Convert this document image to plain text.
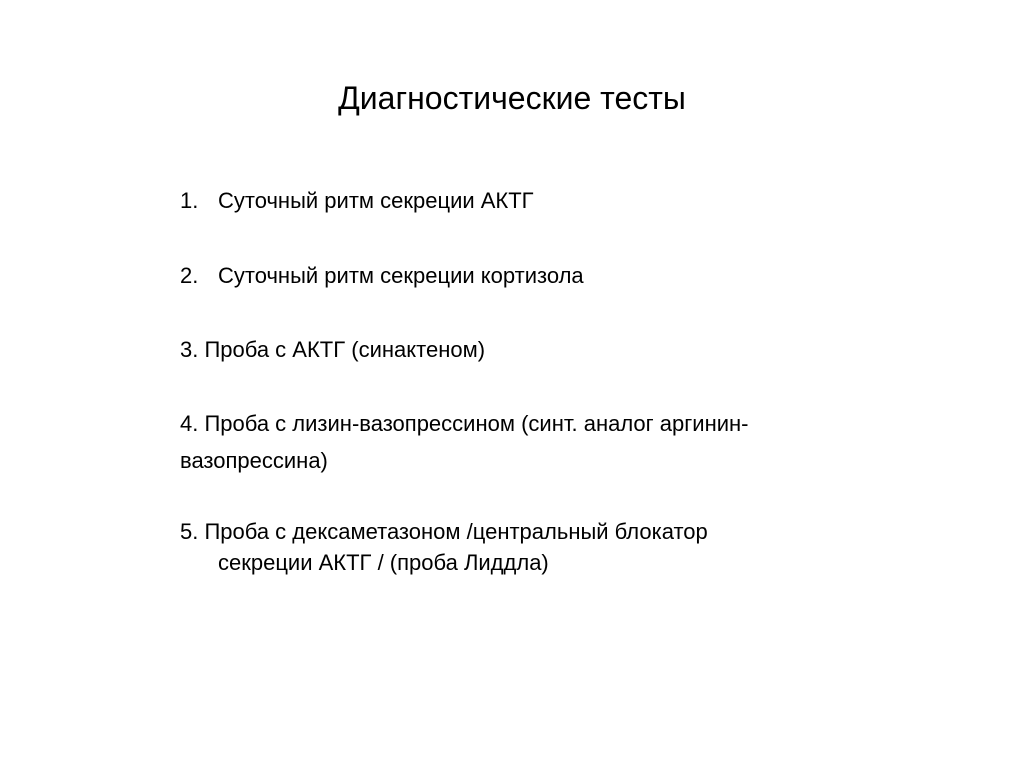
Диагностические тесты
1. Суточный ритм секреции АКТГ
2. Суточный ритм секреции кортизола
3. Проба с АКТГ (синактеном)
4. Проба с лизин-вазопрессином (синт. аналог аргинин-
вазопрессина)
5. Проба с дексаметазоном /центральный блокатор
секреции АКТГ / (проба Лиддла)
